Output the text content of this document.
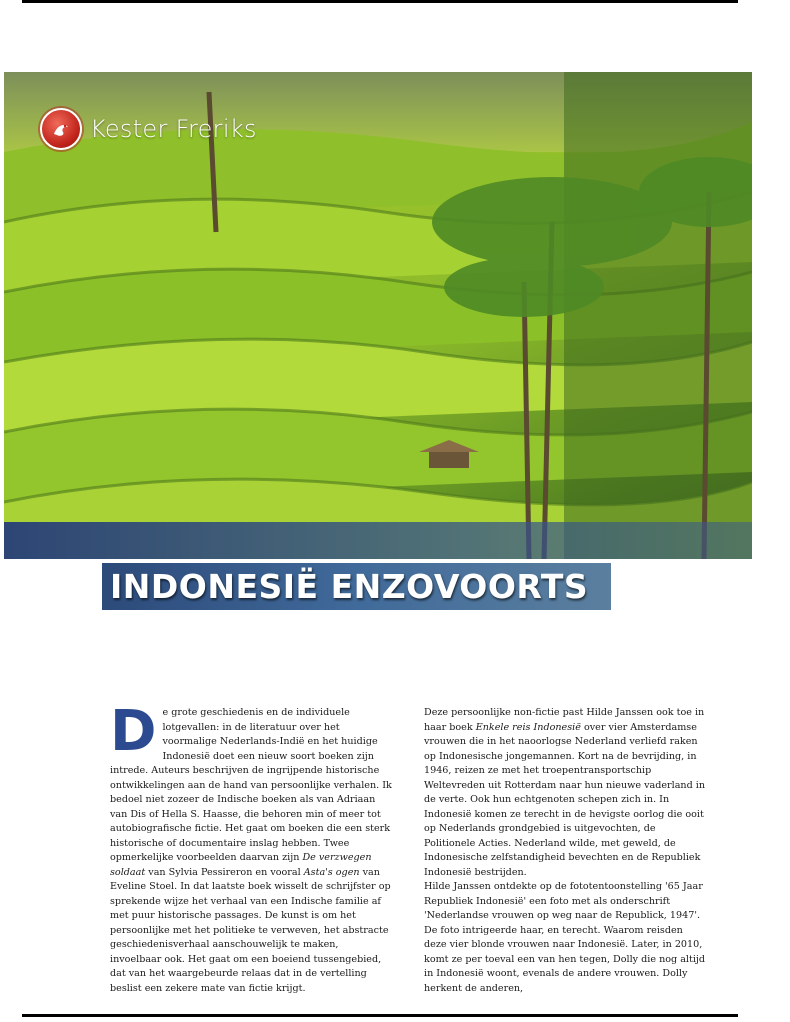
Kester Freriks
INDONESIË ENZOVOORTS

De grote geschiedenis en de individuele lotgevallen: in de literatuur over het voormalige Nederlands-Indië en het huidige Indonesië doet een nieuw soort boeken zijn intrede. Auteurs beschrijven de ingrijpende historische ontwikkelingen aan de hand van persoonlijke verhalen. Ik bedoel niet zozeer de Indische boeken als van Adriaan van Dis of Hella S. Haasse, die behoren min of meer tot autobiografische fictie. Het gaat om boeken die een sterk historische of documentaire inslag hebben. Twee opmerkelijke voorbeelden daarvan zijn De verzwegen soldaat van Sylvia Pessireron en vooral Asta's ogen van Eveline Stoel. In dat laatste boek wisselt de schrijfster op sprekende wijze het verhaal van een Indische familie af met puur historische passages. De kunst is om het persoonlijke met het politieke te verweven, het abstracte geschiedenisverhaal aanschouwelijk te maken, invoelbaar ook. Het gaat om een boeiend tussengebied, dat van het waargebeurde relaas dat in de vertelling beslist een zekere mate van fictie krijgt.

Deze persoonlijke non-fictie past Hilde Janssen ook toe in haar boek Enkele reis Indonesië over vier Amsterdamse vrouwen die in het naoorlogse Nederland verliefd raken op Indonesische jongemannen. Kort na de bevrijding, in 1946, reizen ze met het troepentransportschip Weltevreden uit Rotterdam naar hun nieuwe vaderland in de verte. Ook hun echtgenoten schepen zich in. In Indonesië komen ze terecht in de hevigste oorlog die ooit op Nederlands grondgebied is uitgevochten, de Politionele Acties. Nederland wilde, met geweld, de Indonesische zelfstandigheid bevechten en de Republiek Indonesië bestrijden.

Hilde Janssen ontdekte op de fototentoonstelling '65 Jaar Republiek Indonesië' een foto met als onderschrift 'Nederlandse vrouwen op weg naar de Republick, 1947'. De foto intrigeerde haar, en terecht. Waarom reisden deze vier blonde vrouwen naar Indonesië. Later, in 2010, komt ze per toeval een van hen tegen, Dolly die nog altijd in Indonesië woont, evenals de andere vrouwen. Dolly herkent de anderen,
